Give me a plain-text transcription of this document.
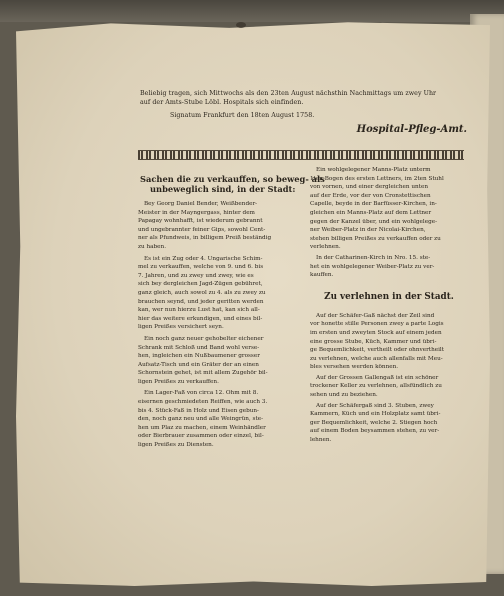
Beliebig tragen, sich Mittwochs als den 23ten August nächsthin Nachmittags um zwey Uhr
auf der Amts-Stube Löbl. Hospitals sich einfinden.
Signatum Frankfurt den 18ten August 1758.
Hospital-Pfleg-Amt.
Sachen die zu verkauffen, so beweg- als
unbeweglich sind, in der Stadt:
Bey Georg Daniel Bender, Weißbender-
Meister in der Mayngergass, hinter dem
Papagay wohnhafft, ist wiederum gebrannt
und ungebrannter feiner Gips, sowohl Cent-
ner als Pfundweis, in billigem Preiß beständig
zu haben.
Es ist ein Zug oder 4. Ungarische Schim-
mel zu verkauffen, welche von 9. und 6. bis
7. Jahren, und zu zwey und zwey, wie es
sich bey dergleichen Jagd-Zügen gebühret,
ganz gleich, auch sowol zu 4. als zu zwey zu
brauchen seynd, und jeder geritten werden
kan, wer nun hierzu Lust hat, kan sich all-
hier das weitere erkundigen, und eines bil-
ligen Preißes versichert seyn.
Ein noch ganz neuer gehobelter eichener
Schrank mit Schloß und Band wohl verse-
hen, ingleichen ein Nußbaumener grosser
Aufsatz-Tisch und ein Gräter der an einen
Schornstein gehet, ist mit allem Zugehör bil-
ligen Preißes zu verkauffen.
Ein Lager-Faß von circa 12. Ohm mit 8.
eisernen geschmiedeten Reiffen, wie auch 3.
bis 4. Stück-Faß in Holz und Eisen gebun-
den, noch ganz neu und alle Weingrün, ste-
hen um Plaz zu machen, einem Weinhändler
oder Bierbrauer zusammen oder einzel, bil-
ligen Preißes zu Diensten.
Ein wohlgelegener Manns-Platz unterm
1ten Bogen des ersten Lettners, im 2ten Stuhl
von vornen, und einer dergleichen unten
auf der Erde, vor der von Cronstettischen
Capelle, beyde in der Barfüsser-Kirchen, in-
gleichen ein Manns-Platz auf dem Lettner
gegen der Kanzel über, und ein wohlgelege-
ner Weiber-Platz in der Nicolai-Kirchen,
stehen billigen Preißes zu verkauffen oder zu
verlehnen.
In der Catharinen-Kirch in Nro. 15. ste-
het ein wohlgelegener Weiber-Platz zu ver-
kauffen.
Zu verlehnen in der Stadt.
Auf der Schäfer-Gaß nächst der Zeil sind
vor honette stille Personen zwey a parte Logis
im ersten und zweyten Stock auf einem jeden
eine grosse Stube, Küch, Kammer und übri-
ge Bequemlichkeit, vertheilt oder ohnvertheilt
zu verlehnen, welche auch allenfalls mit Meu-
bles versehen werden können.
Auf der Grossen Gallengaß ist ein schöner
trockener Keller zu verlehnen, allsfündlich zu
sehen und zu beziehen.
Auf der Schäfergaß sind 3. Stuben, zwey
Kammern, Küch und ein Holzplatz samt übri-
ger Bequemlichkeit, welche 2. Stiegen hoch
auf einem Boden beysammen stehen, zu ver-
lehnen.
